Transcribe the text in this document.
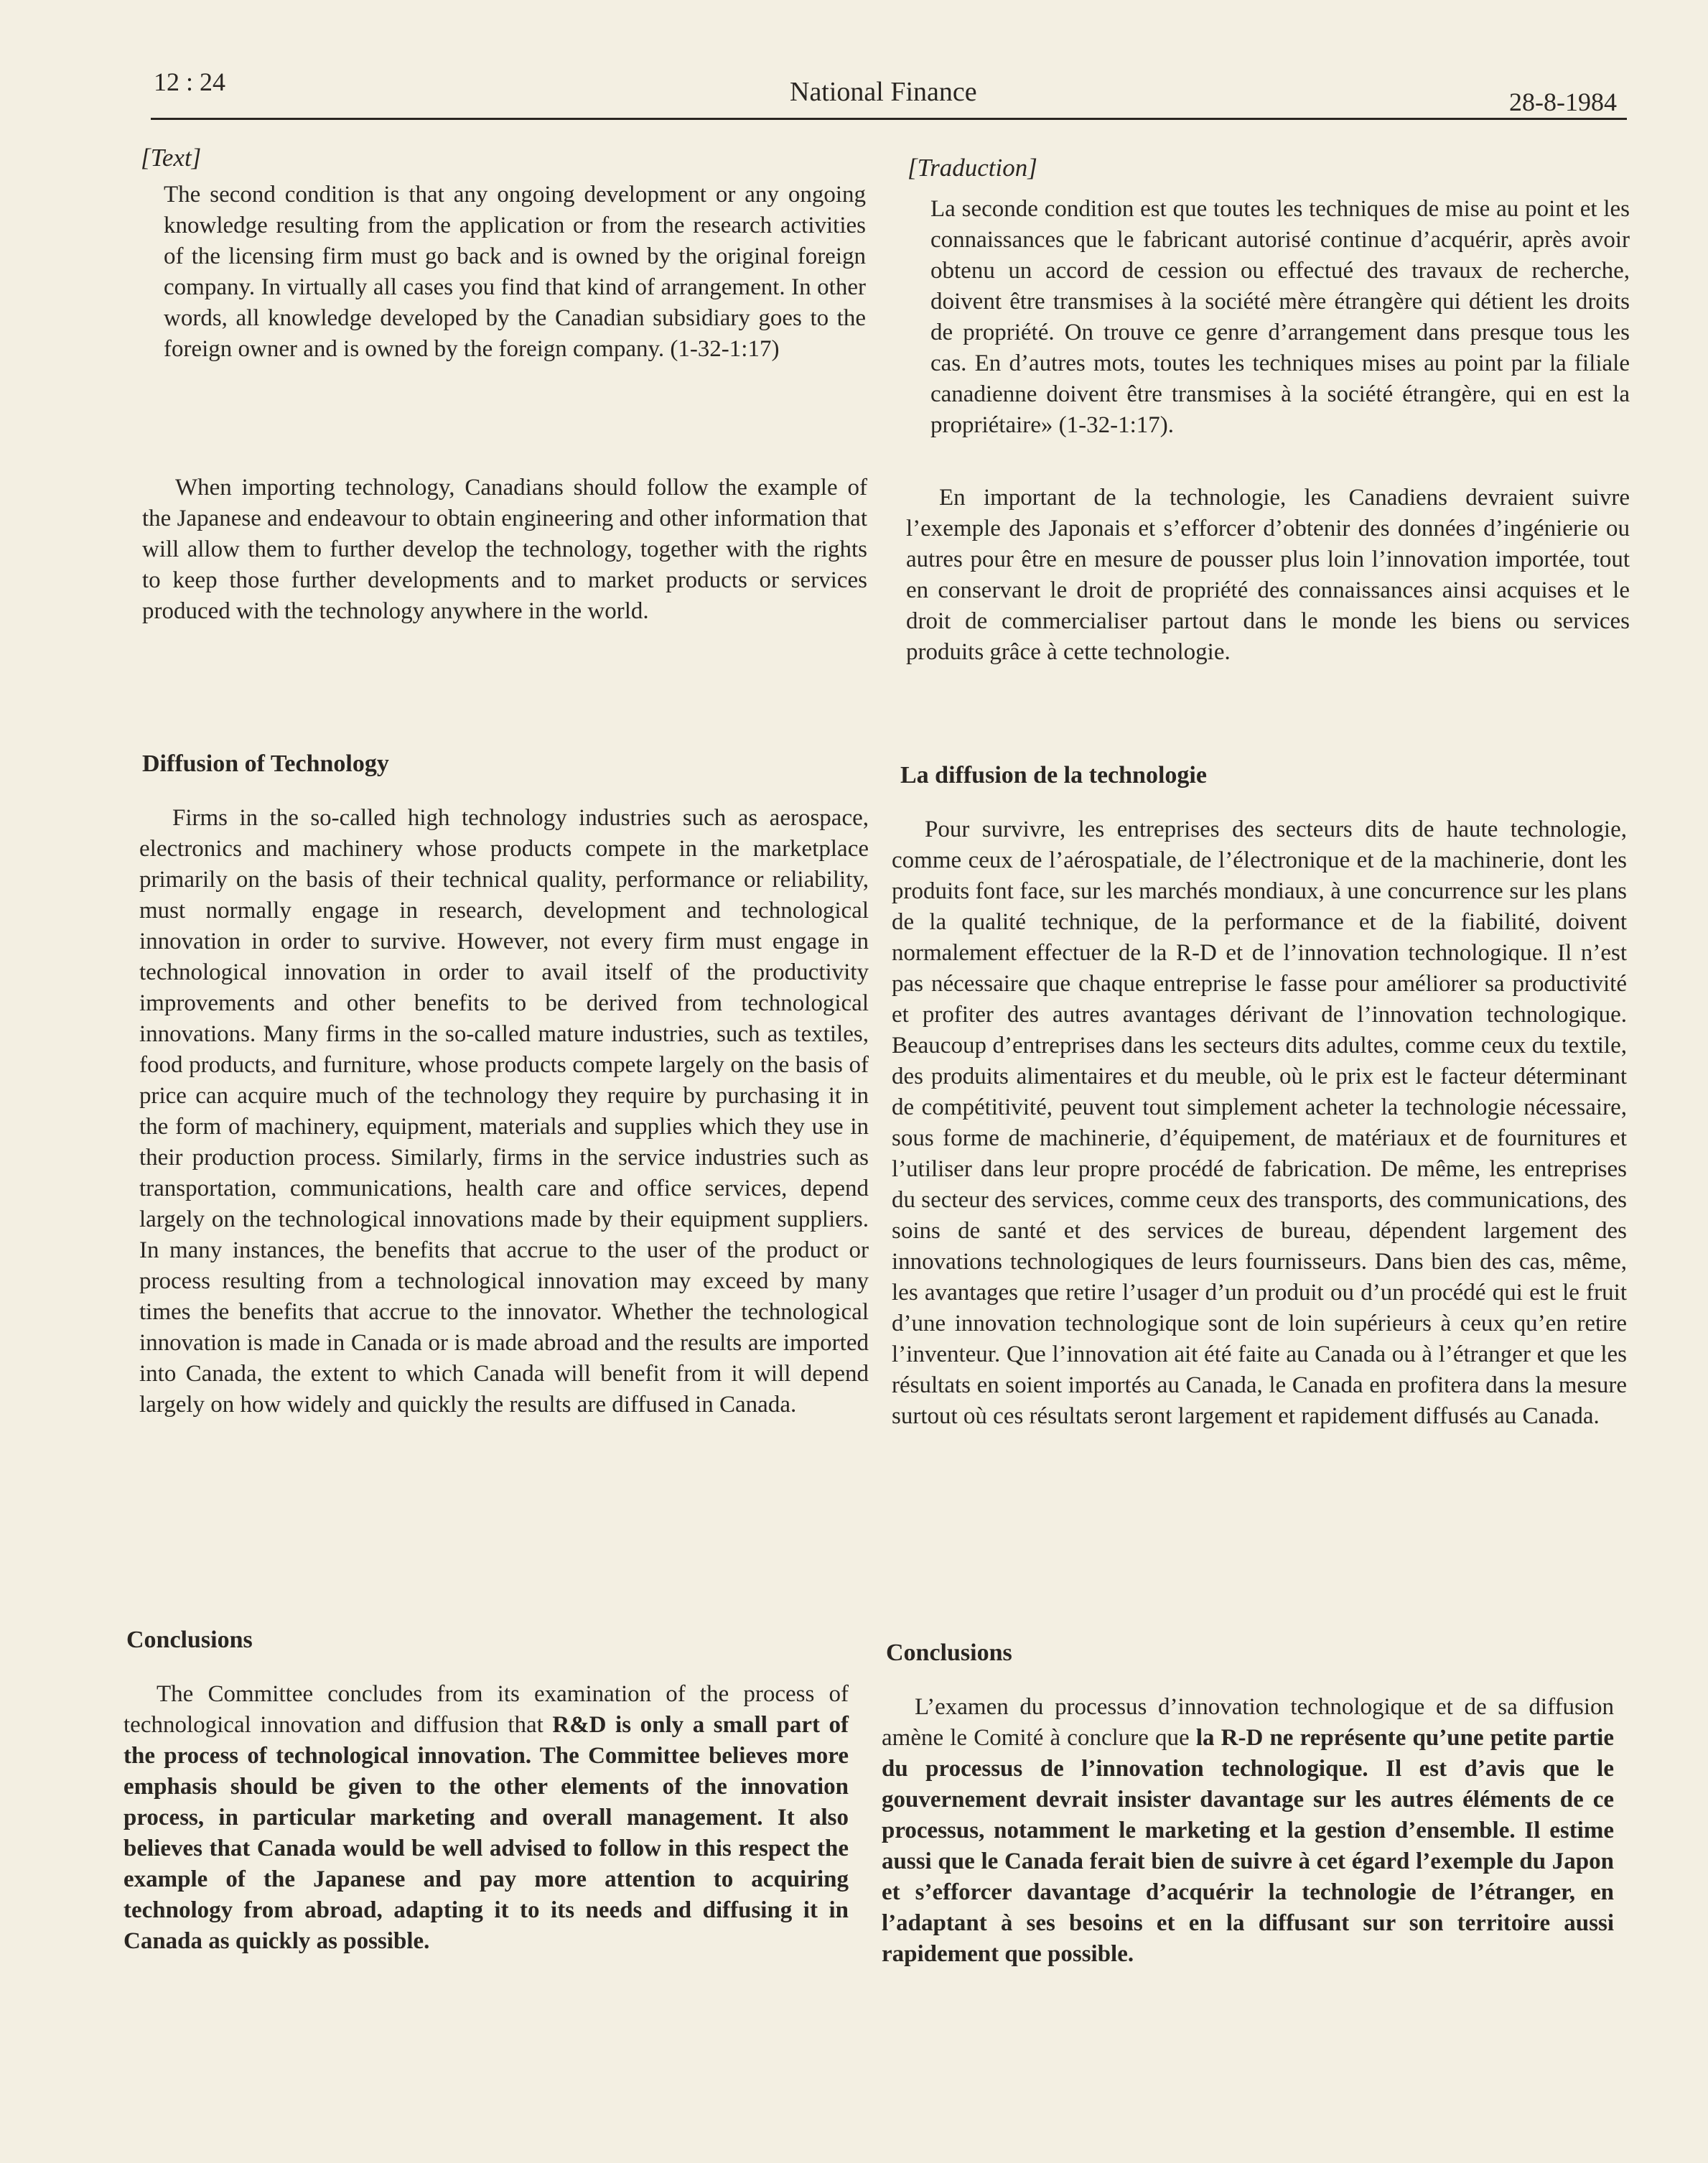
12 : 24	National Finance	28-8-1984
[Text]

The second condition is that any ongoing development or any ongoing knowledge resulting from the application or from the research activities of the licensing firm must go back and is owned by the original foreign company. In virtually all cases you find that kind of arrangement. In other words, all knowledge developed by the Canadian subsidiary goes to the foreign owner and is owned by the foreign company. (1-32-1:17)

When importing technology, Canadians should follow the example of the Japanese and endeavour to obtain engineering and other information that will allow them to further develop the technology, together with the rights to keep those further developments and to market products or services produced with the technology anywhere in the world.

Diffusion of Technology

Firms in the so-called high technology industries such as aerospace, electronics and machinery whose products compete in the marketplace primarily on the basis of their technical quality, performance or reliability, must normally engage in research, development and technological innovation in order to survive. However, not every firm must engage in technological innovation in order to avail itself of the productivity improvements and other benefits to be derived from technological innovations. Many firms in the so-called mature industries, such as textiles, food products, and furniture, whose products compete largely on the basis of price can acquire much of the technology they require by purchasing it in the form of machinery, equipment, materials and supplies which they use in their production process. Similarly, firms in the service industries such as transportation, communications, health care and office services, depend largely on the technological innovations made by their equipment suppliers. In many instances, the benefits that accrue to the user of the product or process resulting from a technological innovation may exceed by many times the benefits that accrue to the innovator. Whether the technological innovation is made in Canada or is made abroad and the results are imported into Canada, the extent to which Canada will benefit from it will depend largely on how widely and quickly the results are diffused in Canada.

Conclusions

The Committee concludes from its examination of the process of technological innovation and diffusion that R&D is only a small part of the process of technological innovation. The Committee believes more emphasis should be given to the other elements of the innovation process, in particular marketing and overall management. It also believes that Canada would be well advised to follow in this respect the example of the Japanese and pay more attention to acquiring technology from abroad, adapting it to its needs and diffusing it in Canada as quickly as possible.

[Traduction]

La seconde condition est que toutes les techniques de mise au point et les connaissances que le fabricant autorisé continue d’acquérir, après avoir obtenu un accord de cession ou effectué des travaux de recherche, doivent être transmises à la société mère étrangère qui détient les droits de propriété. On trouve ce genre d’arrangement dans presque tous les cas. En d’autres mots, toutes les techniques mises au point par la filiale canadienne doivent être transmises à la société étrangère, qui en est la propriétaire» (1-32-1:17).

En important de la technologie, les Canadiens devraient suivre l’exemple des Japonais et s’efforcer d’obtenir des données d’ingénierie ou autres pour être en mesure de pousser plus loin l’innovation importée, tout en conservant le droit de propriété des connaissances ainsi acquises et le droit de commercialiser partout dans le monde les biens ou services produits grâce à cette technologie.

La diffusion de la technologie

Pour survivre, les entreprises des secteurs dits de haute technologie, comme ceux de l’aérospatiale, de l’électronique et de la machinerie, dont les produits font face, sur les marchés mondiaux, à une concurrence sur les plans de la qualité technique, de la performance et de la fiabilité, doivent normalement effectuer de la R-D et de l’innovation technologique. Il n’est pas nécessaire que chaque entreprise le fasse pour améliorer sa productivité et profiter des autres avantages dérivant de l’innovation technologique. Beaucoup d’entreprises dans les secteurs dits adultes, comme ceux du textile, des produits alimentaires et du meuble, où le prix est le facteur déterminant de compétitivité, peuvent tout simplement acheter la technologie nécessaire, sous forme de machinerie, d’équipement, de matériaux et de fournitures et l’utiliser dans leur propre procédé de fabrication. De même, les entreprises du secteur des services, comme ceux des transports, des communications, des soins de santé et des services de bureau, dépendent largement des innovations technologiques de leurs fournisseurs. Dans bien des cas, même, les avantages que retire l’usager d’un produit ou d’un procédé qui est le fruit d’une innovation technologique sont de loin supérieurs à ceux qu’en retire l’inventeur. Que l’innovation ait été faite au Canada ou à l’étranger et que les résultats en soient importés au Canada, le Canada en profitera dans la mesure surtout où ces résultats seront largement et rapidement diffusés au Canada.

Conclusions

L’examen du processus d’innovation technologique et de sa diffusion amène le Comité à conclure que la R-D ne représente qu’une petite partie du processus de l’innovation technologique. Il est d’avis que le gouvernement devrait insister davantage sur les autres éléments de ce processus, notamment le marketing et la gestion d’ensemble. Il estime aussi que le Canada ferait bien de suivre à cet égard l’exemple du Japon et s’efforcer davantage d’acquérir la technologie de l’étranger, en l’adaptant à ses besoins et en la diffusant sur son territoire aussi rapidement que possible.
